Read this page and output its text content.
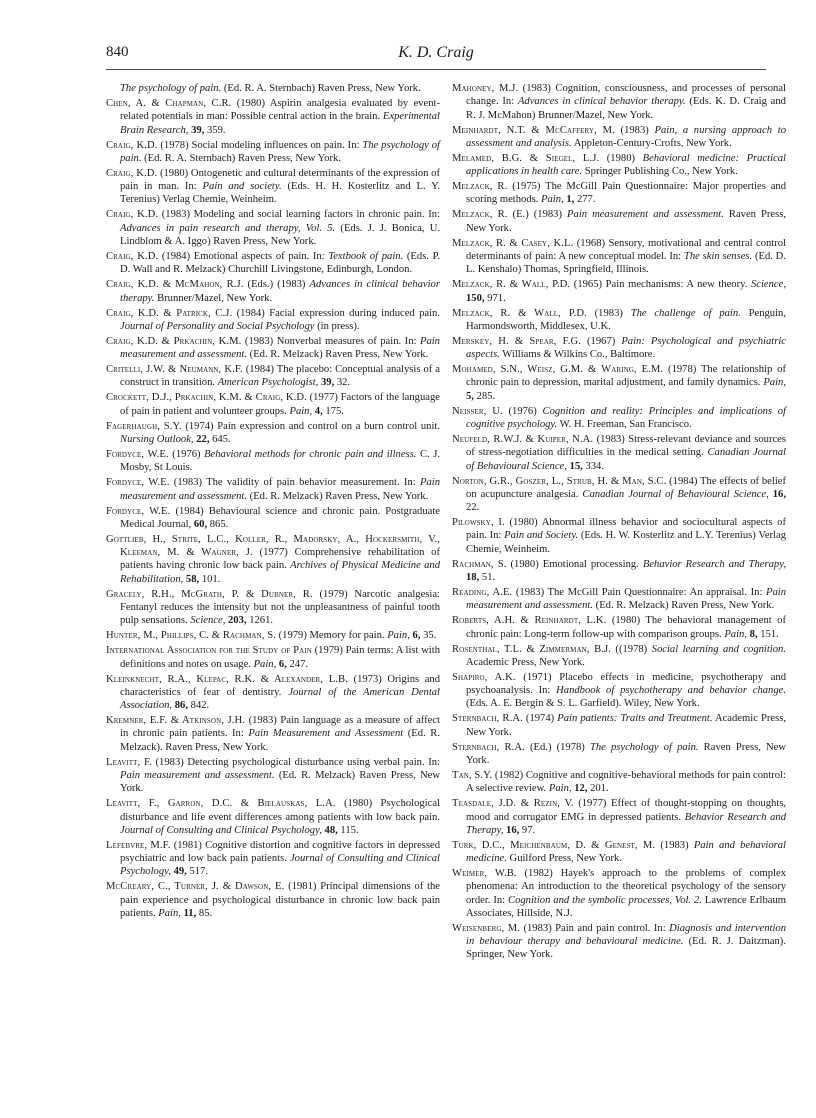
840	K. D. Craig

The psychology of pain. (Ed. R. A. Sternbach) Raven Press, New York.

Chen, A. & Chapman, C.R. (1980) Aspirin analgesia evaluated by event-related potentials in man: Possible central action in the brain. Experimental Brain Research, 39, 359.

Craig, K.D. (1978) Social modeling influences on pain. In: The psychology of pain. (Ed. R. A. Sternbach) Raven Press, New York.

Craig, K.D. (1980) Ontogenetic and cultural determinants of the expression of pain in man. In: Pain and society. (Eds. H. H. Kosterlitz and L. Y. Terenius) Verlag Chemie, Weinheim.

Craig, K.D. (1983) Modeling and social learning factors in chronic pain. In: Advances in pain research and therapy, Vol. 5. (Eds. J. J. Bonica, U. Lindblom & A. Iggo) Raven Press, New York.

Craig, K.D. (1984) Emotional aspects of pain. In: Textbook of pain. (Eds. P. D. Wall and R. Melzack) Churchill Livingstone, Edinburgh, London.

Craig, K.D. & McMahon, R.J. (Eds.) (1983) Advances in clinical behavior therapy. Brunner/Mazel, New York.

Craig, K.D. & Patrick, C.J. (1984) Facial expression during induced pain. Journal of Personality and Social Psychology (in press).

Craig, K.D. & Prkachin, K.M. (1983) Nonverbal measures of pain. In: Pain measurement and assessment. (Ed. R. Melzack) Raven Press, New York.

Critelli, J.W. & Neumann, K.F. (1984) The placebo: Conceptual analysis of a construct in transition. American Psychologist, 39, 32.

Crockett, D.J., Prkachin, K.M. & Craig, K.D. (1977) Factors of the language of pain in patient and volunteer groups. Pain, 4, 175.

Fagerhaugh, S.Y. (1974) Pain expression and control on a burn control unit. Nursing Outlook, 22, 645.

Fordyce, W.E. (1976) Behavioral methods for chronic pain and illness. C. J. Mosby, St Louis.

Fordyce, W.E. (1983) The validity of pain behavior measurement. In: Pain measurement and assessment. (Ed. R. Melzack) Raven Press, New York.

Fordyce, W.E. (1984) Behavioural science and chronic pain. Postgraduate Medical Journal, 60, 865.

Gottlieb, H., Strite, L.C., Koller, R., Madorsky, A., Hockersmith, V., Kleeman, M. & Wagner, J. (1977) Comprehensive rehabilitation of patients having chronic low back pain. Archives of Physical Medicine and Rehabilitation, 58, 101.

Gracely, R.H., McGrath, P. & Dubner, R. (1979) Narcotic analgesia: Fentanyl reduces the intensity but not the unpleasantness of painful tooth pulp sensations. Science, 203, 1261.

Hunter, M., Phillips, C. & Rachman, S. (1979) Memory for pain. Pain, 6, 35.

International Association for the Study of Pain (1979) Pain terms: A list with definitions and notes on usage. Pain, 6, 247.

Kleinknecht, R.A., Klepac, R.K. & Alexander, L.B. (1973) Origins and characteristics of fear of dentistry. Journal of the American Dental Association, 86, 842.

Kremner, E.F. & Atkinson, J.H. (1983) Pain language as a measure of affect in chronic pain patients. In: Pain Measurement and Assessment (Ed. R. Melzack). Raven Press, New York.

Leavitt, F. (1983) Detecting psychological disturbance using verbal pain. In: Pain measurement and assessment. (Ed. R. Melzack) Raven Press, New York.

Leavitt, F., Garron, D.C. & Bielauskas, L.A. (1980) Psychological disturbance and life event differences among patients with low back pain. Journal of Consulting and Clinical Psychology, 48, 115.

Lefebvre, M.F. (1981) Cognitive distortion and cognitive factors in depressed psychiatric and low back pain patients. Journal of Consulting and Clinical Psychology, 49, 517.

McCreary, C., Turner, J. & Dawson, E. (1981) Principal dimensions of the pain experience and psychological disturbance in chronic low back pain patients. Pain, 11, 85.

Mahoney, M.J. (1983) Cognition, consciousness, and processes of personal change. In: Advances in clinical behavior therapy. (Eds. K. D. Craig and R. J. McMahon) Brunner/Mazel, New York.

Meinhardt, N.T. & McCaffery, M. (1983) Pain, a nursing approach to assessment and analysis. Appleton-Century-Crofts, New York.

Melamed, B.G. & Siegel, L.J. (1980) Behavioral medicine: Practical applications in health care. Springer Publishing Co., New York.

Melzack, R. (1975) The McGill Pain Questionnaire: Major properties and scoring methods. Pain, 1, 277.

Melzack, R. (E.) (1983) Pain measurement and assessment. Raven Press, New York.

Melzack, R. & Casey, K.L. (1968) Sensory, motivational and central control determinants of pain: A new conceptual model. In: The skin senses. (Ed. D. L. Kenshalo) Thomas, Springfield, Illinois.

Melzack, R. & Wall, P.D. (1965) Pain mechanisms: A new theory. Science, 150, 971.

Melzack, R. & Wall, P.D. (1983) The challenge of pain. Penguin, Harmondsworth, Middlesex, U.K.

Merskey, H. & Spear, F.G. (1967) Pain: Psychological and psychiatric aspects. Williams & Wilkins Co., Baltimore.

Mohamed, S.N., Weisz, G.M. & Waring, E.M. (1978) The relationship of chronic pain to depression, marital adjustment, and family dynamics. Pain, 5, 285.

Neisser, U. (1976) Cognition and reality: Principles and implications of cognitive psychology. W. H. Freeman, San Francisco.

Neufeld, R.W.J. & Kuiper, N.A. (1983) Stress-relevant deviance and sources of stress-negotiation difficulties in the medical setting. Canadian Journal of Behavioural Science, 15, 334.

Norton, G.R., Goszer, L., Strub, H. & Man, S.C. (1984) The effects of belief on acupuncture analgesia. Canadian Journal of Behavioural Science, 16, 22.

Pilowsky, I. (1980) Abnormal illness behavior and sociocultural aspects of pain. In: Pain and Society. (Eds. H. W. Kosterlitz and L.Y. Terenius) Verlag Chemie, Weinheim.

Rachman, S. (1980) Emotional processing. Behavior Research and Therapy, 18, 51.

Reading, A.E. (1983) The McGill Pain Questionnaire: An appraisal. In: Pain measurement and assessment. (Ed. R. Melzack) Raven Press, New York.

Roberts, A.H. & Reinhardt, L.K. (1980) The behavioral management of chronic pain: Long-term follow-up with comparison groups. Pain, 8, 151.

Rosenthal, T.L. & Zimmerman, B.J. ((1978) Social learning and cognition. Academic Press, New York.

Shapiro, A.K. (1971) Placebo effects in medicine, psychotherapy and psychoanalysis. In: Handbook of psychotherapy and behavior change. (Eds. A. E. Bergin & S. L. Garfield). Wiley, New York.

Sternbach, R.A. (1974) Pain patients: Traits and Treatment. Academic Press, New York.

Sternbach, R.A. (Ed.) (1978) The psychology of pain. Raven Press, New York.

Tan, S.Y. (1982) Cognitive and cognitive-behavioral methods for pain control: A selective review. Pain, 12, 201.

Teasdale, J.D. & Rezin, V. (1977) Effect of thought-stopping on thoughts, mood and corrugator EMG in depressed patients. Behavior Research and Therapy, 16, 97.

Turk, D.C., Meichenbaum, D. & Genest, M. (1983) Pain and behavioral medicine. Guilford Press, New York.

Weimer, W.B. (1982) Hayek's approach to the problems of complex phenomena: An introduction to the theoretical psychology of the sensory order. In: Cognition and the symbolic processes, Vol. 2. Lawrence Erlbaum Associates, Hillside, N.J.

Weisenberg, M. (1983) Pain and pain control. In: Diagnosis and intervention in behaviour therapy and behavioural medicine. (Ed. R. J. Daitzman). Springer, New York.
